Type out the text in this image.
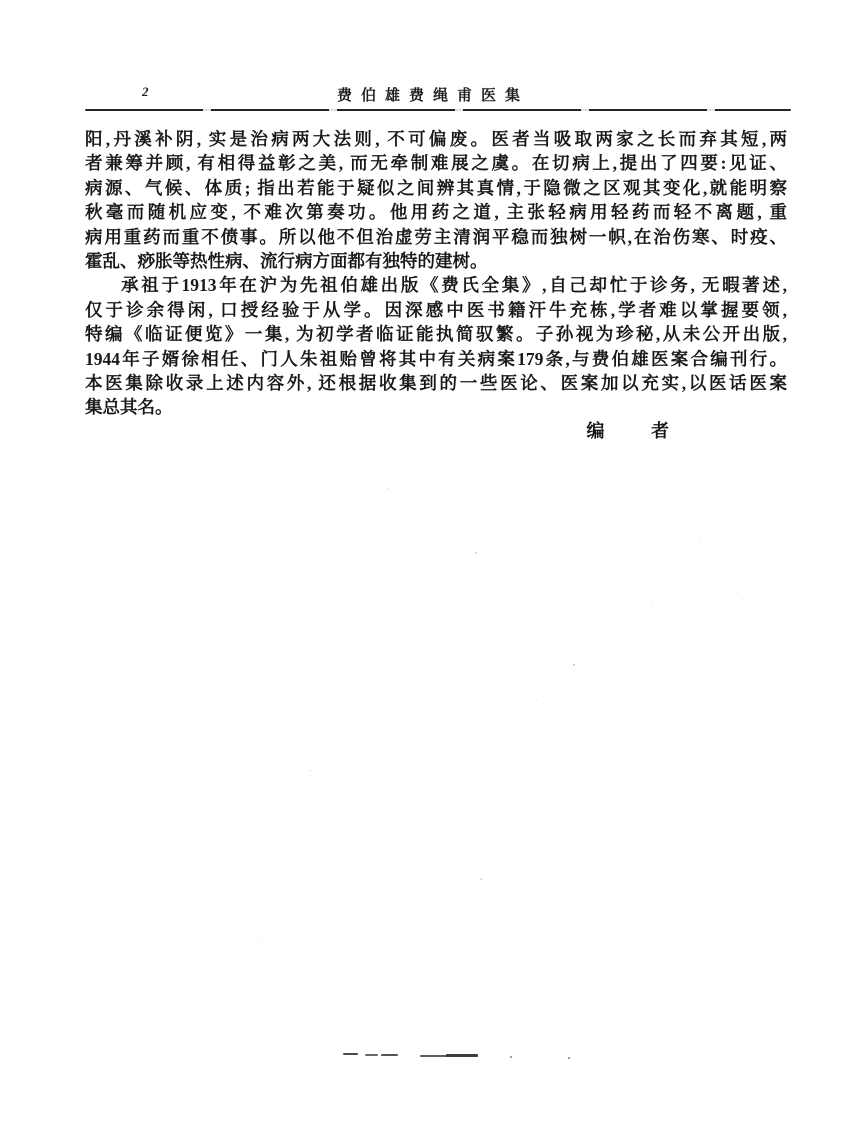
2	费伯雄费绳甫医集
阳,丹溪补阴, 实是治病两大法则, 不可偏废。医者当吸取两家之长而弃其短,两
者兼筹并顾, 有相得益彰之美, 而无牵制难展之虞。在切病上,提出了四要:见证、
病源、气候、体质; 指出若能于疑似之间辨其真情,于隐微之区观其变化,就能明察
秋毫而随机应变, 不难次第奏功。他用药之道, 主张轻病用轻药而轻不离题, 重
病用重药而重不偾事。所以他不但治虚劳主清润平稳而独树一帜,在治伤寒、时疫、
霍乱、痧胀等热性病、流行病方面都有独特的建树。
承祖于1913年在沪为先祖伯雄出版《费氏全集》,自己却忙于诊务, 无暇著述,
仅于诊余得闲, 口授经验于从学。因深感中医书籍汗牛充栋,学者难以掌握要领,
特编《临证便览》一集, 为初学者临证能执简驭繁。子孙视为珍秘,从未公开出版,
1944年子婿徐相任、门人朱祖贻曾将其中有关病案179条,与费伯雄医案合编刊行。
本医集除收录上述内容外, 还根据收集到的一些医论、医案加以充实,以医话医案
集总其名。
编	者
